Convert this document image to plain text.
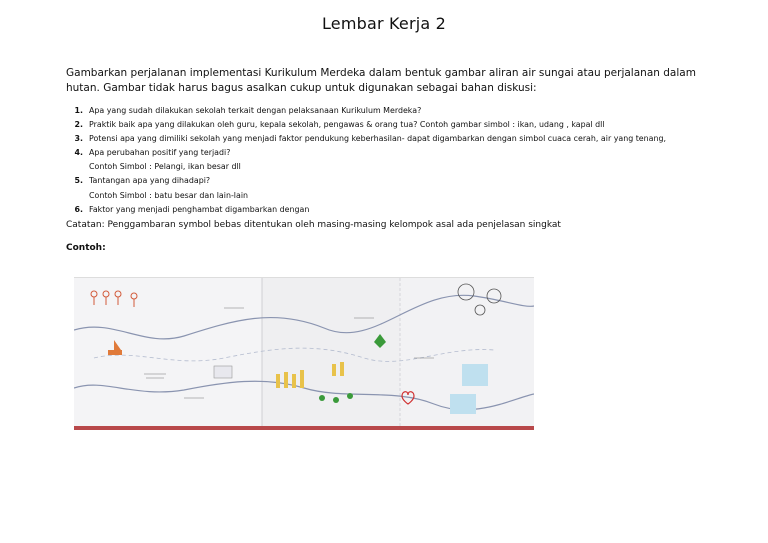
Lembar Kerja 2
Gambarkan perjalanan implementasi Kurikulum Merdeka dalam bentuk gambar aliran air sungai atau perjalanan dalam hutan. Gambar tidak harus bagus asalkan cukup untuk digunakan sebagai bahan diskusi:
1. Apa yang sudah dilakukan sekolah terkait dengan pelaksanaan Kurikulum Merdeka?
2. Praktik baik apa yang dilakukan oleh guru, kepala sekolah, pengawas & orang tua? Contoh gambar simbol : ikan, udang , kapal dll
3. Potensi apa yang dimiliki sekolah yang menjadi faktor pendukung keberhasilan- dapat digambarkan dengan simbol cuaca cerah, air yang tenang,
4. Apa perubahan positif yang terjadi?
Contoh Simbol : Pelangi, ikan besar dll
5. Tantangan apa yang dihadapi?
Contoh Simbol : batu besar dan lain-lain
6. Faktor yang menjadi penghambat digambarkan dengan
Catatan: Penggambaran symbol bebas ditentukan oleh masing-masing kelompok asal ada penjelasan singkat
Contoh:
